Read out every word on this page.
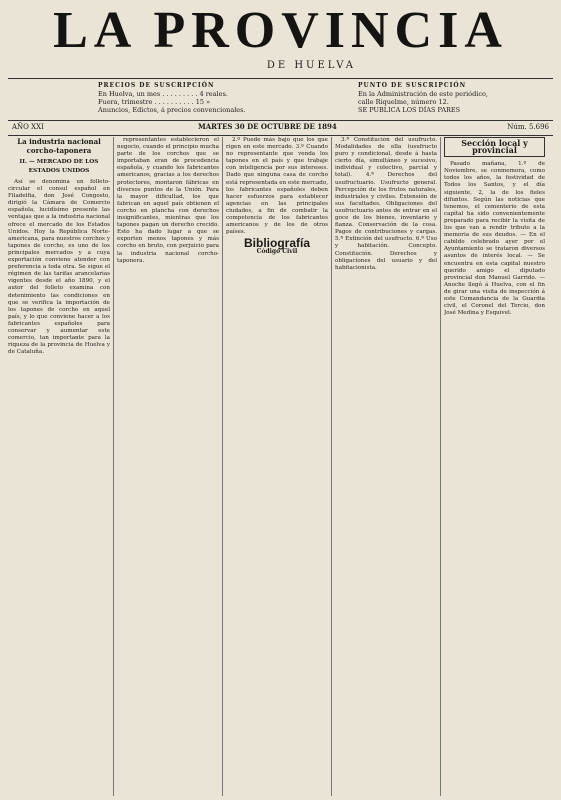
LA PROVINCIA
DE HUELVA
PRECIOS DE SUSCRIPCIÓN
En Huelva, un mes . . . . . . . . . 4 reales.
Fuera, trimestre . . . . . . . . . . 15 »
Anuncios, Edictos, á precios convencionales.
PUNTO DE SUSCRIPCIÓN
En la Administración de este periódico,
calle Riquelme, número 12.
SE PUBLICA LOS DÍAS PARES
AÑO XXI	MARTES 30 DE OCTUBRE DE 1894	Núm. 5.696
La industria nacional corcho-taponera
II. — MERCADO DE LOS ESTADOS UNIDOS

Así se denomina un folleto-circular el consul español en Filadelfia, don José Congosto, dirigió la Cámara de Comercio española, lucidísimo presente las ventajas que a la industria nacional ofrece el mercado de los Estados Unidos. Hoy la República Norte-americana, para nuestros corchos y tapones de corcho, es uno de los principales mercados y a cuya exportación conviene atender con preferencia a toda otra. Se sigue el régimen de las tarifas arancelarias vigentes desde el año 1890, y el autor del folleto examina con detenimiento las condiciones en que se verifica la importación de los tapones de corcho en aquel país, y lo que conviene hacer a los fabricantes españoles para conservar y aumentar este comercio, tan importante para la riqueza de la provincia de Huelva y de Cataluña.

representantes establecieron el negocio, cuando el principio mucha parte de los corchos que se importaban eran de procedencia española, y cuando los fabricantes americanos, gracias a los derechos protectores, montaron fábricas en diversos puntos de la Unión. Para la mayor dificultad, los que fabrican en aquel país obtienen el corcho en plancha con derechos insignificantes, mientras que los tapones pagan un derecho crecido. Esto ha dado lugar a que se exporten menos tapones y más corcho en bruto, con perjuicio para la industria nacional corcho-taponera.

2.º Puede más bajo que los que rigen en este mercado. 3.º Cuando no representante que venda los tapones en el país y que trabaje con inteligencia por sus intereses. Dado que ninguna casa de corcho está representada en este mercado, los fabricantes españoles deben hacer esfuerzos para establecer agencias en las principales ciudades, a fin de combatir la competencia de los fabricantes americanos y de los de otros países.

Bibliografía
Código Civil

3.ª Constitución del usufructo. Modalidades de ella (usufructo puro y condicional, desde á hasta cierto día, simultáneo y sucesivo, individual y colectivo, parcial y total). 4.ª Derechos del usufructuario. Usufructo general. Percepción de los frutos naturales, industriales y civiles. Extensión de sus facultades. Obligaciones del usufructuario antes de entrar en el goce de los bienes, inventario y fianza. Conservación de la cosa. Pagos de contribuciones y cargas. 5.ª Extinción del usufructo. 6.ª Uso y habitación. Concepto. Constitución. Derechos y obligaciones del usuario y del habitacionista.

Sección local y provincial

Pasado mañana, 1.º de Noviembre, se conmemora, como todos los años, la festividad de Todos los Santos, y el día siguiente, 2, la de los fieles difuntos. Según las noticias que tenemos, el cementerio de esta capital ha sido convenientemente preparado para recibir la visita de los que van a rendir tributo a la memoria de sus deudos. — En el cabildo celebrado ayer por el Ayuntamiento se trataron diversos asuntos de interés local. — Se encuentra en esta capital nuestro querido amigo el diputado provincial don Manuel Garrido. — Anoche llegó á Huelva, con el fin de girar una visita de inspección á este Comandancia de la Guardia civil, el Coronel del Tercio, don José Medina y Esquivel.
